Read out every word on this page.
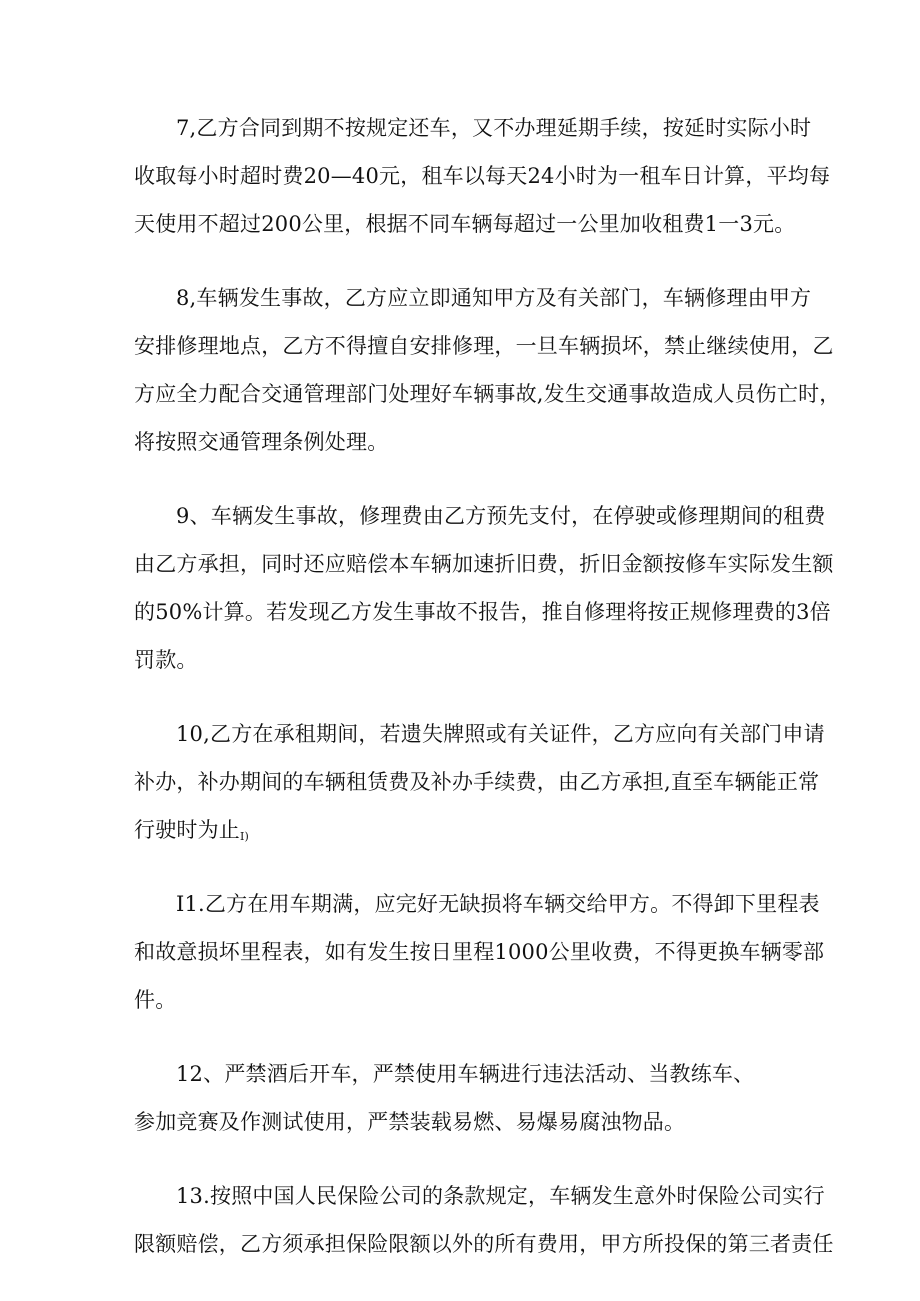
7,乙方合同到期不按规定还车，又不办理延期手续，按延时实际小时
收取每小时超时费20—40元，租车以每天24小时为一租车日计算，平均每
天使用不超过200公里，根据不同车辆每超过一公里加收租费1一3元。
8,车辆发生事故，乙方应立即通知甲方及有关部门，车辆修理由甲方
安排修理地点，乙方不得擅自安排修理，一旦车辆损坏，禁止继续使用，乙
方应全力配合交通管理部门处理好车辆事故,发生交通事故造成人员伤亡时，
将按照交通管理条例处理。
9、车辆发生事故，修理费由乙方预先支付，在停驶或修理期间的租费
由乙方承担，同时还应赔偿本车辆加速折旧费，折旧金额按修车实际发生额
的50%计算。若发现乙方发生事故不报告，推自修理将按正规修理费的3倍
罚款。
10,乙方在承租期间，若遗失牌照或有关证件，乙方应向有关部门申请
补办，补办期间的车辆租赁费及补办手续费，由乙方承担,直至车辆能正常
行驶时为止I)
I1.乙方在用车期满，应完好无缺损将车辆交给甲方。不得卸下里程表
和故意损坏里程表，如有发生按日里程1000公里收费，不得更换车辆零部
件。
12、严禁酒后开车，严禁使用车辆进行违法活动、当教练车、
参加竞赛及作测试使用，严禁装载易燃、易爆易腐浊物品。
13.按照中国人民保险公司的条款规定，车辆发生意外时保险公司实行
限额赔偿，乙方须承担保险限额以外的所有费用，甲方所投保的第三者责任
